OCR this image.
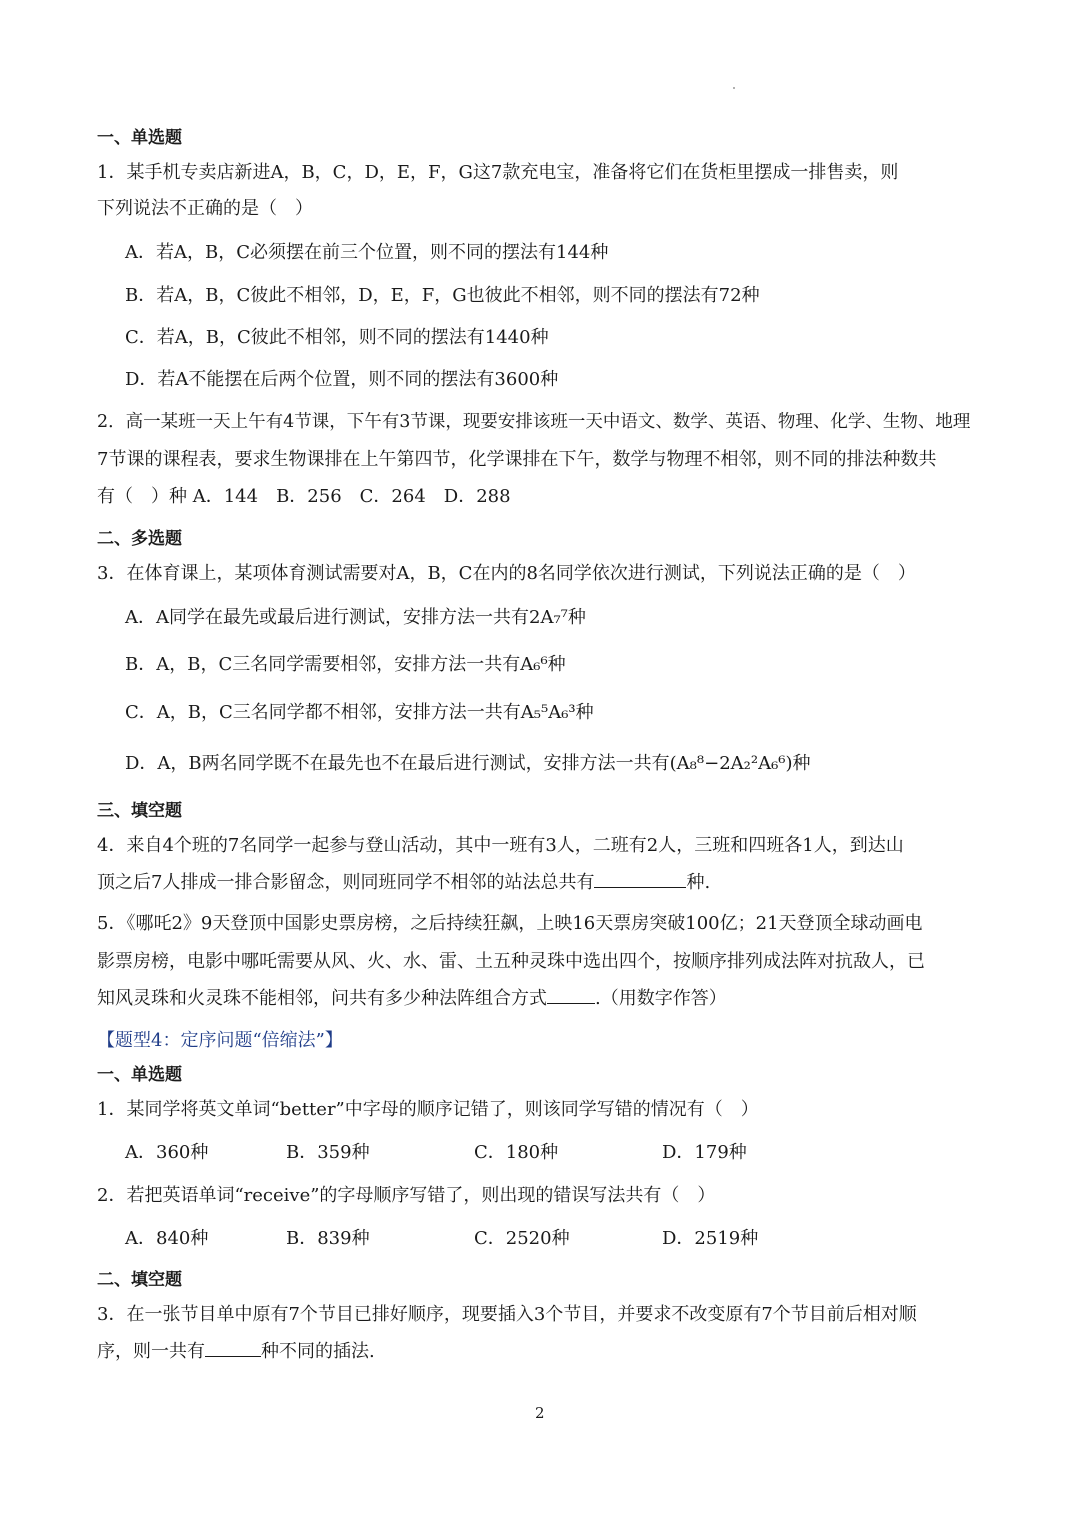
一、单选题
1．某手机专卖店新进A，B，C，D，E，F，G这7款充电宝，准备将它们在货柜里摆成一排售卖，则
下列说法不正确的是（　）
A．若A，B，C必须摆在前三个位置，则不同的摆法有144种
B．若A，B，C彼此不相邻，D，E，F，G也彼此不相邻，则不同的摆法有72种
C．若A，B，C彼此不相邻，则不同的摆法有1440种
D．若A不能摆在后两个位置，则不同的摆法有3600种
2．高一某班一天上午有4节课，下午有3节课，现要安排该班一天中语文、数学、英语、物理、化学、生物、地理
7节课的课程表，要求生物课排在上午第四节，化学课排在下午，数学与物理不相邻，则不同的排法种数共
有（　）种 A．144　B．256　C．264　D．288
二、多选题
3．在体育课上，某项体育测试需要对A，B，C在内的8名同学依次进行测试，下列说法正确的是（　）
A．A同学在最先或最后进行测试，安排方法一共有2A₇⁷种
B．A，B，C三名同学需要相邻，安排方法一共有A₆⁶种
C．A，B，C三名同学都不相邻，安排方法一共有A₅⁵A₆³种
D．A，B两名同学既不在最先也不在最后进行测试，安排方法一共有(A₈⁸−2A₂²A₆⁶)种
三、填空题
4．来自4个班的7名同学一起参与登山活动，其中一班有3人，二班有2人，三班和四班各1人，到达山
顶之后7人排成一排合影留念，则同班同学不相邻的站法总共有	种.
5．《哪吒2》9天登顶中国影史票房榜，之后持续狂飙，上映16天票房突破100亿；21天登顶全球动画电
影票房榜，电影中哪吒需要从风、火、水、雷、土五种灵珠中选出四个，按顺序排列成法阵对抗敌人，已
知风灵珠和火灵珠不能相邻，问共有多少种法阵组合方式	.（用数字作答）
【题型4：定序问题“倍缩法”】
一、单选题
1．某同学将英文单词“better”中字母的顺序记错了，则该同学写错的情况有（　）
A．360种	B．359种	C．180种	D．179种
2．若把英语单词“receive”的字母顺序写错了，则出现的错误写法共有（　）
A．840种	B．839种	C．2520种	D．2519种
二、填空题
3．在一张节目单中原有7个节目已排好顺序，现要插入3个节目，并要求不改变原有7个节目前后相对顺
序，则一共有	种不同的插法.
2
